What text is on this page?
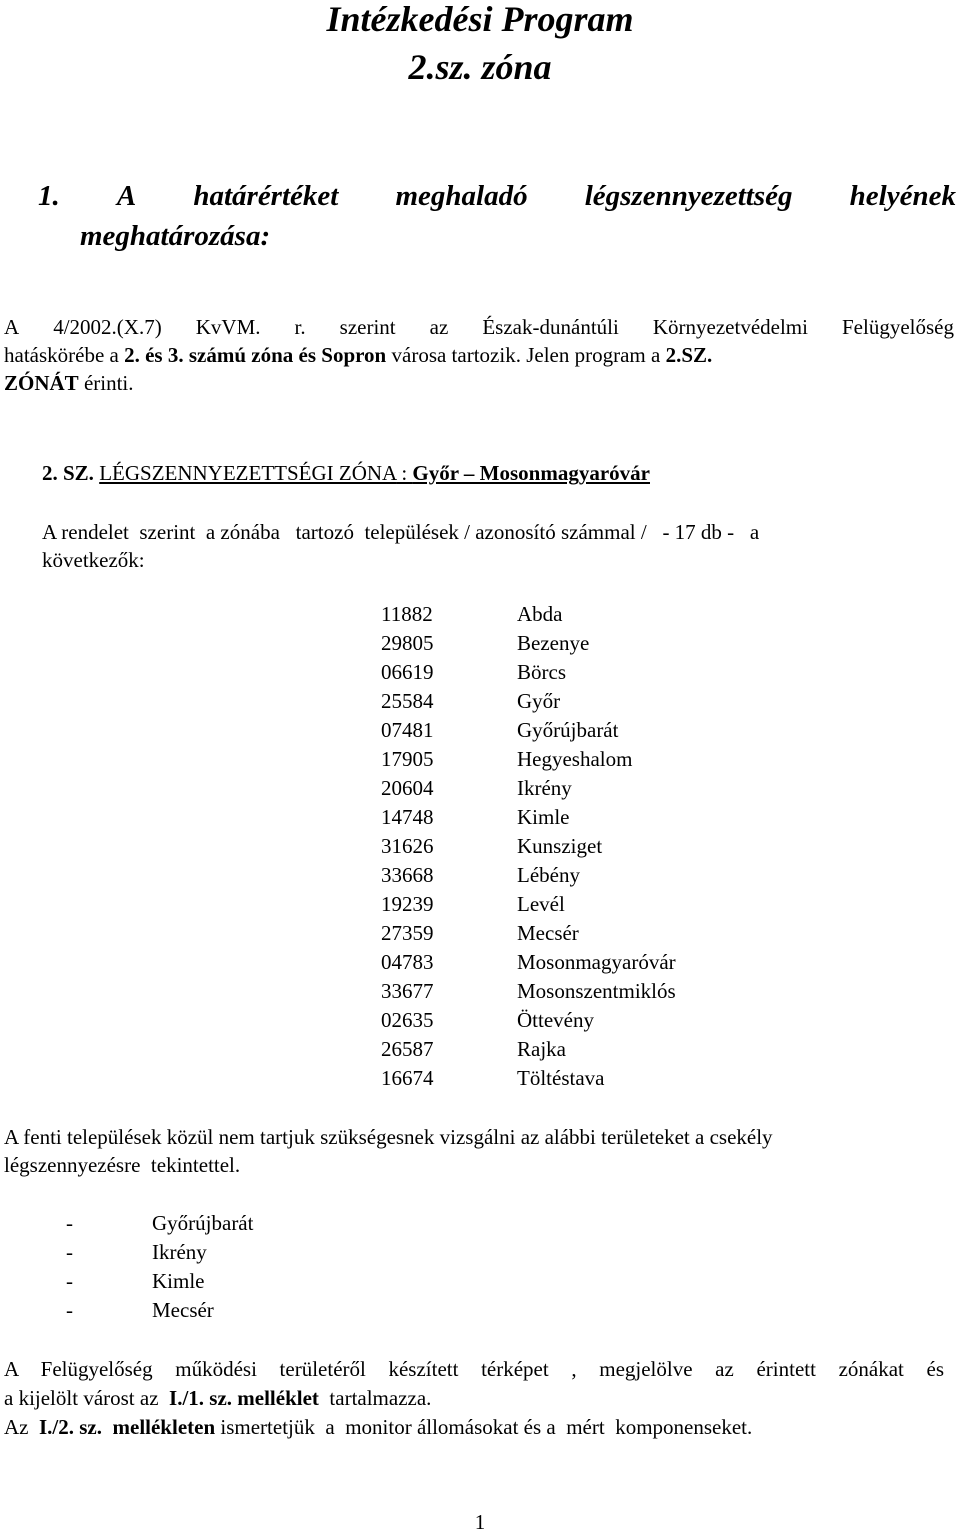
Intézkedési Program
2.sz. zóna
1. A határértéket meghaladó légszennyezettség helyének
meghatározása:
A 4/2002.(X.7) KvVM. r. szerint az Észak-dunántúli Környezetvédelmi Felügyelőség
hatáskörébe a 2. és 3. számú zóna és Sopron városa tartozik. Jelen program a 2.SZ.
ZÓNÁT érinti.
2. SZ. LÉGSZENNYEZETTSÉGI ZÓNA : Győr – Mosonmagyaróvár
A rendelet  szerint  a zónába   tartozó  települések / azonosító számmal /   - 17 db -   a
következők:
11882	Abda
29805	Bezenye
06619	Börcs
25584	Győr
07481	Győrújbarát
17905	Hegyeshalom
20604	Ikrény
14748	Kimle
31626	Kunsziget
33668	Lébény
19239	Levél
27359	Mecsér
04783	Mosonmagyaróvár
33677	Mosonszentmiklós
02635	Öttevény
26587	Rajka
16674	Töltéstava
A fenti települések közül nem tartjuk szükségesnek vizsgálni az alábbi területeket a csekély
légszennyezésre  tekintettel.
-	Győrújbarát
-	Ikrény
-	Kimle
-	Mecsér
A Felügyelőség működési területéről készített térképet , megjelölve az érintett zónákat és
a kijelölt várost az  I./1. sz. melléklet  tartalmazza.
Az  I./2. sz.  mellékleten ismertetjük  a  monitor állomásokat és a  mért  komponenseket.
1
